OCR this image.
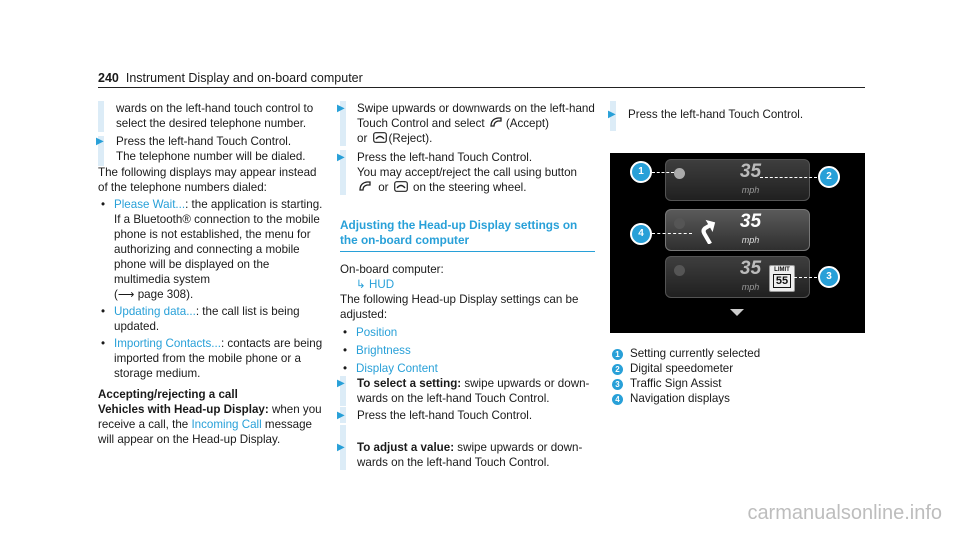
240 Instrument Display and on-board computer

wards on the left-hand touch control to select the desired telephone number.

▶ Press the left-hand Touch Control.

The telephone number will be dialed.

The following displays may appear instead of the telephone numbers dialed:

• Please Wait...: the application is starting. If a Bluetooth® connection to the mobile phone is not established, the menu for authorizing and connecting a mobile phone will be displayed on the multimedia system
(⟶ page 308).
• Updating data...: the call list is being updated.
• Importing Contacts...: contacts are being imported from the mobile phone or a storage medium.

Accepting/rejecting a call

Vehicles with Head-up Display: when you receive a call, the Incoming Call message will appear on the Head-up Display.

▶ Swipe upwards or downwards on the left-hand Touch Control and select (Accept)
or (Reject).

▶ Press the left-hand Touch Control.

You may accept/reject the call using button
or on the steering wheel.

Adjusting the Head-up Display settings on the on-board computer

On-board computer:

↳ HUD

The following Head-up Display settings can be adjusted:

• Position
• Brightness
• Display Content

▶ To select a setting: swipe upwards or downwards on the left-hand Touch Control.

▶ Press the left-hand Touch Control.

▶ To adjust a value: swipe upwards or downwards on the left-hand Touch Control.

▶ Press the left-hand Touch Control.

35
mph
35
mph
35
mph
LIMIT
55
1	2
4
3
1 Setting currently selected
2 Digital speedometer
3 Traffic Sign Assist
4 Navigation displays
carmanualsonline.info
